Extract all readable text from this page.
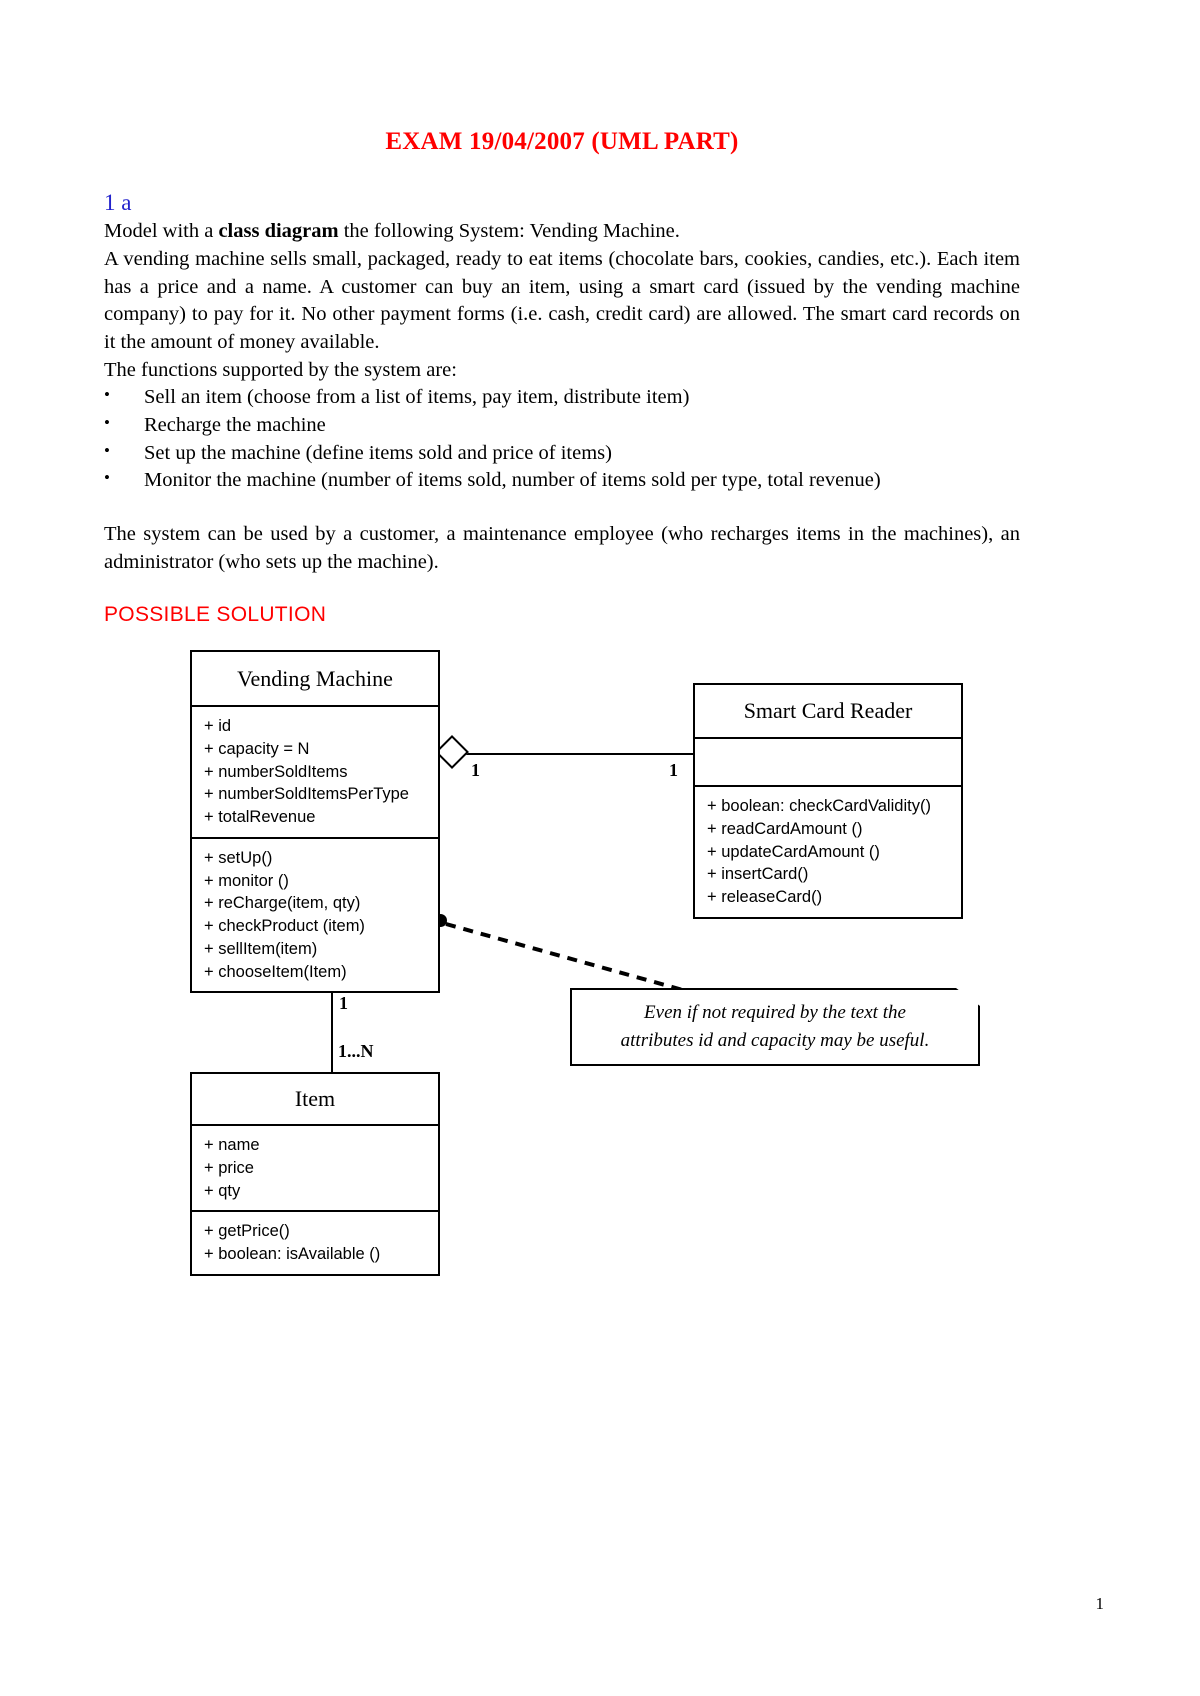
EXAM 19/04/2007 (UML PART)
1 a

Model with a class diagram the following System: Vending Machine.

A vending machine sells small, packaged, ready to eat items (chocolate bars, cookies, candies, etc.). Each item has a price and a name. A customer can buy an item, using a smart card (issued by the vending machine company) to pay for it. No other payment forms (i.e. cash, credit card) are allowed. The smart card records on it the amount of money available.

The functions supported by the system are:

• Sell an item (choose from a list of items, pay item, distribute item)
• Recharge the machine
• Set up the machine (define items sold and price of items)
• Monitor the machine (number of items sold, number of items sold per type, total revenue)

The system can be used by a customer, a maintenance employee (who recharges items in the machines), an administrator (who sets up the machine).

POSSIBLE SOLUTION

1	1
1
1...N
Vending Machine
+ id
+ capacity = N
+ numberSoldItems
+ numberSoldItemsPerType
+ totalRevenue
+ setUp()
+ monitor ()
+ reCharge(item, qty)
+ checkProduct (item)
+ sellItem(item)
+ chooseItem(Item)
Smart Card Reader
+ boolean: checkCardValidity()
+ readCardAmount ()
+ updateCardAmount ()
+ insertCard()
+ releaseCard()
Item
+ name
+ price
+ qty
+ getPrice()
+ boolean: isAvailable ()
Even if not required by the text the
attributes id and capacity may be useful.
1
